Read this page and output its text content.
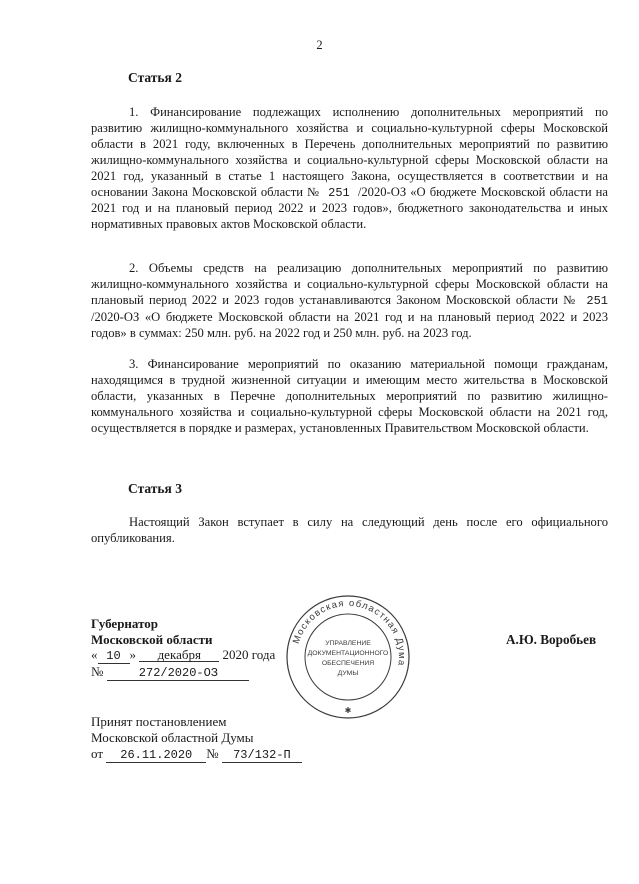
2
Статья 2

1. Финансирование подлежащих исполнению дополнительных мероприятий по развитию жилищно-коммунального хозяйства и социально-культурной сферы Московской области в 2021 году, включенных в Перечень дополнительных мероприятий по развитию жилищно-коммунального хозяйства и социально-культурной сферы Московской области на 2021 год, указанный в статье 1 настоящего Закона, осуществляется в соответствии и на основании Закона Московской области № 251 /2020-ОЗ «О бюджете Московской области на 2021 год и на плановый период 2022 и 2023 годов», бюджетного законодательства и иных нормативных правовых актов Московской области.

2. Объемы средств на реализацию дополнительных мероприятий по развитию жилищно-коммунального хозяйства и социально-культурной сферы Московской области на плановый период 2022 и 2023 годов устанавливаются Законом Московской области № 251 /2020-ОЗ «О бюджете Московской области на 2021 год и на плановый период 2022 и 2023 годов» в суммах: 250 млн. руб. на 2022 год и 250 млн. руб. на 2023 год.

3. Финансирование мероприятий по оказанию материальной помощи гражданам, находящимся в трудной жизненной ситуации и имеющим место жительства в Московской области, указанных в Перечне дополнительных мероприятий по развитию жилищно-коммунального хозяйства и социально-культурной сферы Московской области на 2021 год, осуществляется в порядке и размерах, установленных Правительством Московской области.

Статья 3

Настоящий Закон вступает в силу на следующий день после его официального опубликования.

Губернатор
Московской области
« 10 » декабря 2020 года
№	272/2020-ОЗ
А.Ю. Воробьев
Принят постановлением
Московской областной Думы
от 26.11.2020 № 73/132-П
Московская областная Дума
УПРАВЛЕНИЕ
ДОКУМЕНТАЦИОННОГО
ОБЕСПЕЧЕНИЯ
ДУМЫ
✱
